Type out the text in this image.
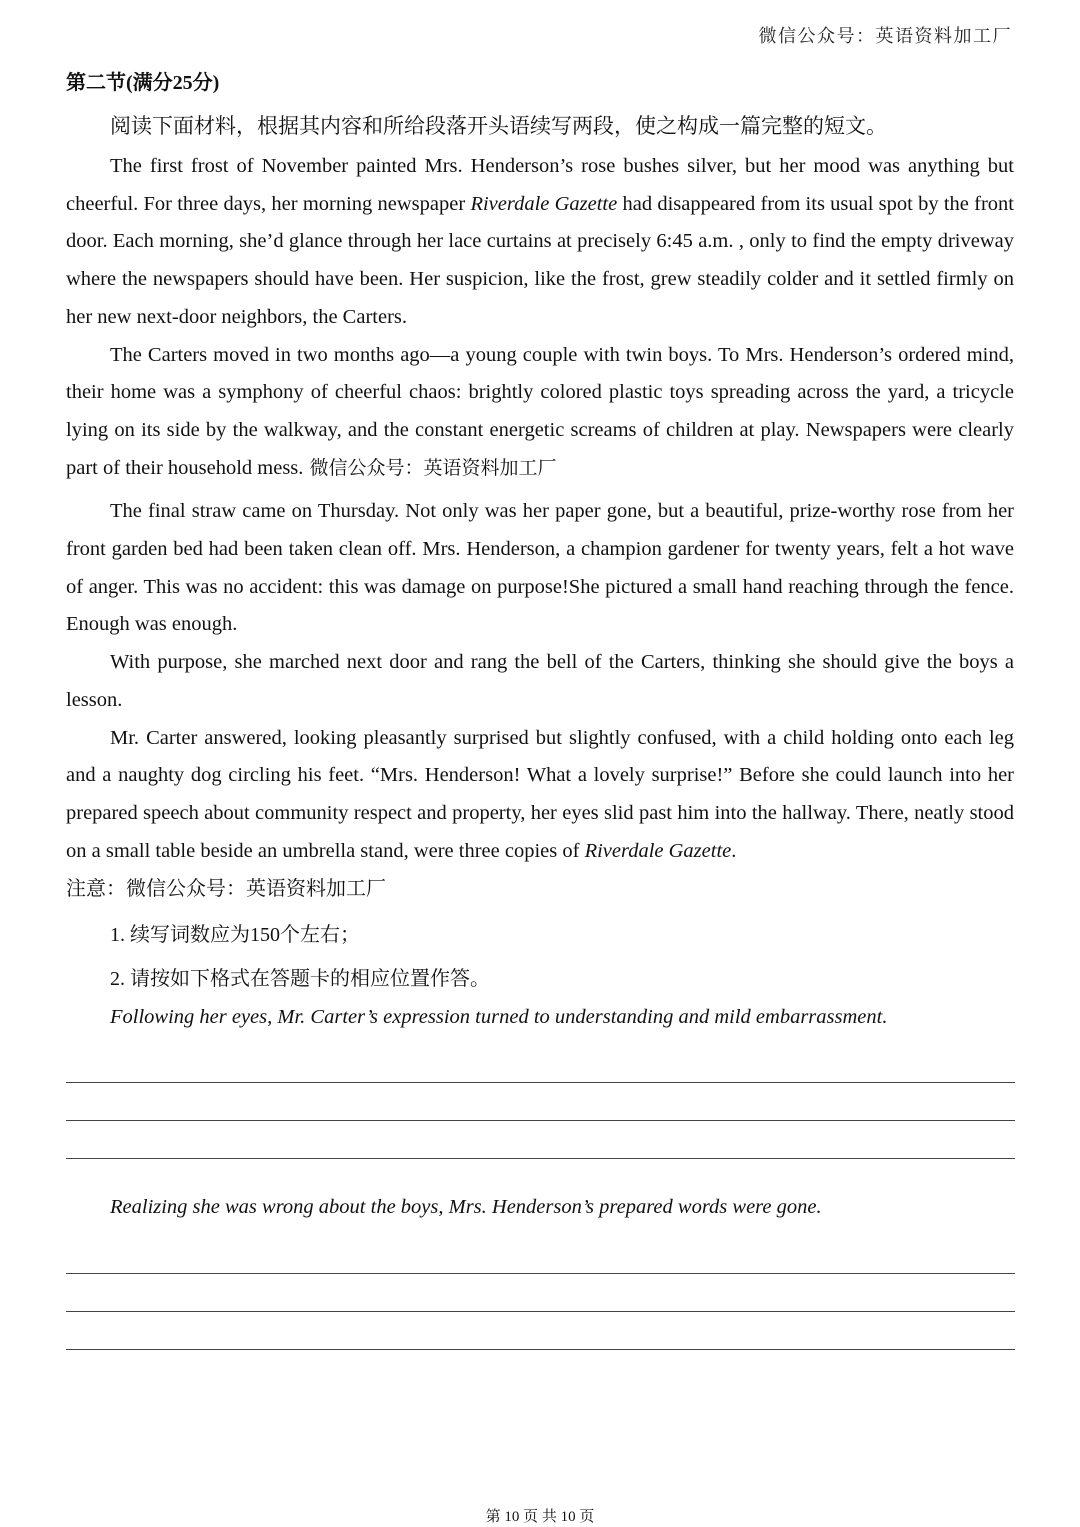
微信公众号：英语资料加工厂
第二节(满分25分)
阅读下面材料，根据其内容和所给段落开头语续写两段，使之构成一篇完整的短文。

The first frost of November painted Mrs. Henderson’s rose bushes silver, but her mood was anything but cheerful. For three days, her morning newspaper Riverdale Gazette had disappeared from its usual spot by the front door. Each morning, she’d glance through her lace curtains at precisely 6:45 a.m. , only to find the empty driveway where the newspapers should have been. Her suspicion, like the frost, grew steadily colder and it settled firmly on her new next-door neighbors, the Carters.

The Carters moved in two months ago—a young couple with twin boys. To Mrs. Henderson’s ordered mind, their home was a symphony of cheerful chaos: brightly colored plastic toys spreading across the yard, a tricycle lying on its side by the walkway, and the constant energetic screams of children at play. Newspapers were clearly part of their household mess. 微信公众号：英语资料加工厂

The final straw came on Thursday. Not only was her paper gone, but a beautiful, prize-worthy rose from her front garden bed had been taken clean off. Mrs. Henderson, a champion gardener for twenty years, felt a hot wave of anger. This was no accident: this was damage on purpose!She pictured a small hand reaching through the fence. Enough was enough.

With purpose, she marched next door and rang the bell of the Carters, thinking she should give the boys a lesson.

Mr. Carter answered, looking pleasantly surprised but slightly confused, with a child holding onto each leg and a naughty dog circling his feet. “Mrs. Henderson! What a lovely surprise!” Before she could launch into her prepared speech about community respect and property, her eyes slid past him into the hallway. There, neatly stood on a small table beside an umbrella stand, were three copies of Riverdale Gazette.

注意：微信公众号：英语资料加工厂
1. 续写词数应为150个左右；
2. 请按如下格式在答题卡的相应位置作答。
Following her eyes, Mr. Carter’s expression turned to understanding and mild embarrassment.
Realizing she was wrong about the boys, Mrs. Henderson’s prepared words were gone.
第 10 页 共 10 页
